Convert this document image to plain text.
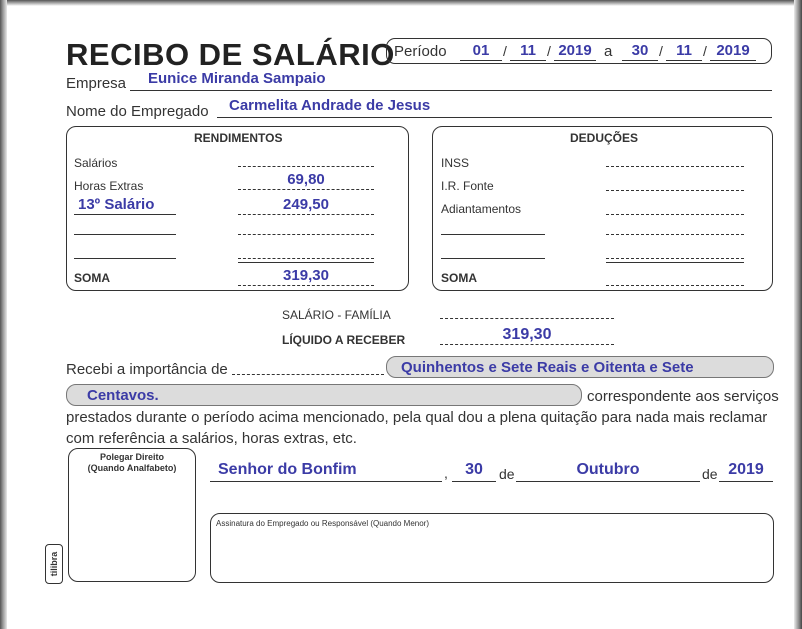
RECIBO DE SALÁRIO Período	01 / 11 / 2019 a	30 / 11 / 2019
Empresa	Eunice Miranda Sampaio
Nome do Empregado	Carmelita Andrade de Jesus
RENDIMENTOS
Salários
Horas Extras	69,80
13º Salário	249,50
SOMA	319,30
DEDUÇÕES
INSS
I.R. Fonte
Adiantamentos
SOMA
SALÁRIO - FAMÍLIA
LÍQUIDO A RECEBER	319,30
Recebi a importância de	Quinhentos e Sete Reais e Oitenta e Sete
Centavos.	correspondente aos serviços
prestados durante o período acima mencionado, pela qual dou a plena quitação para nada mais reclamar
com referência a salários, horas extras, etc.
Polegar Direito
(Quando Analfabeto)	Senhor do Bonfim	,	30	de	Outubro	de 2019
Assinatura do Empregado ou Responsável (Quando Menor)
tilibra
